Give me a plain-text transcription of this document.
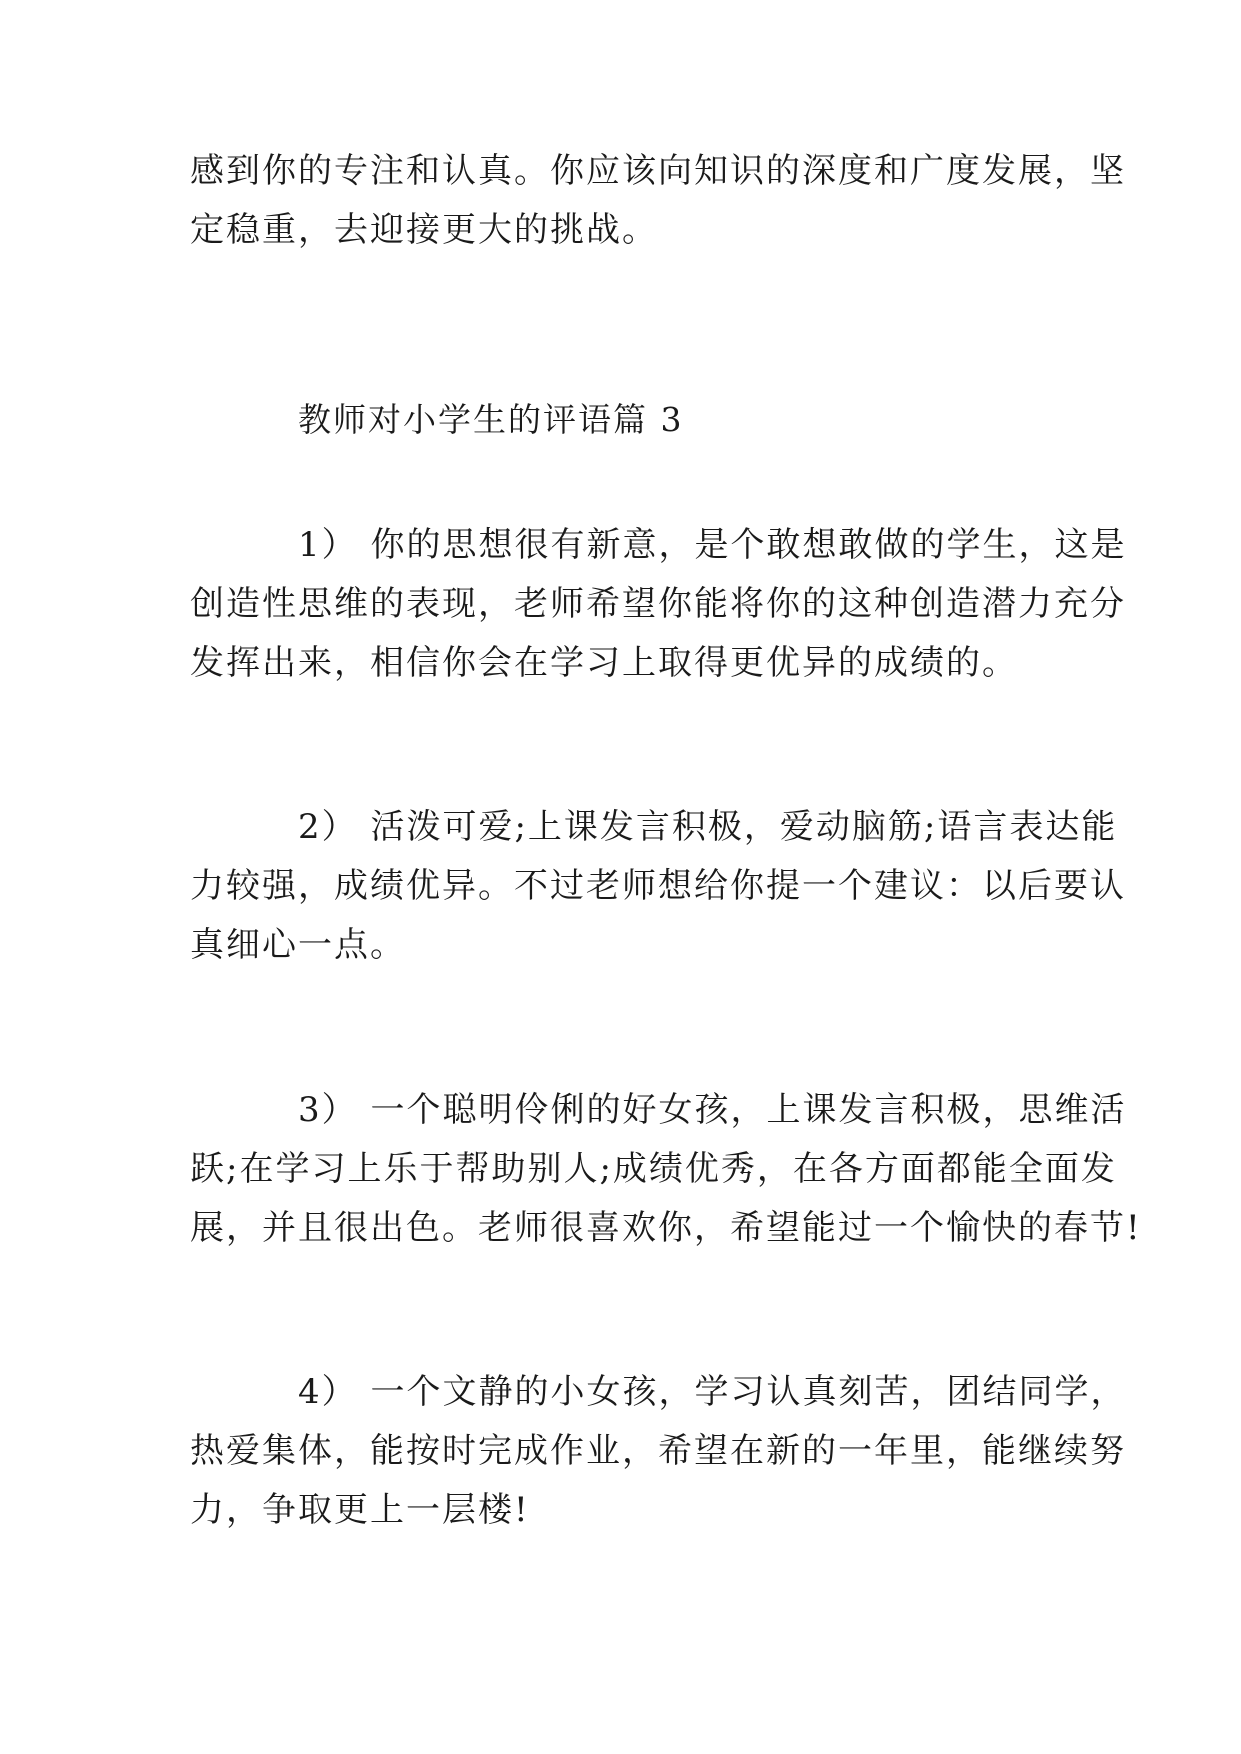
感到你的专注和认真。你应该向知识的深度和广度发展，坚
定稳重，去迎接更大的挑战。

教师对小学生的评语篇 3

1） 你的思想很有新意，是个敢想敢做的学生，这是
创造性思维的表现，老师希望你能将你的这种创造潜力充分
发挥出来，相信你会在学习上取得更优异的成绩的。

2） 活泼可爱;上课发言积极，爱动脑筋;语言表达能
力较强，成绩优异。不过老师想给你提一个建议：以后要认
真细心一点。

3） 一个聪明伶俐的好女孩，上课发言积极，思维活
跃;在学习上乐于帮助别人;成绩优秀，在各方面都能全面发
展，并且很出色。老师很喜欢你，希望能过一个愉快的春节!

4） 一个文静的小女孩，学习认真刻苦，团结同学，
热爱集体，能按时完成作业，希望在新的一年里，能继续努
力，争取更上一层楼!
